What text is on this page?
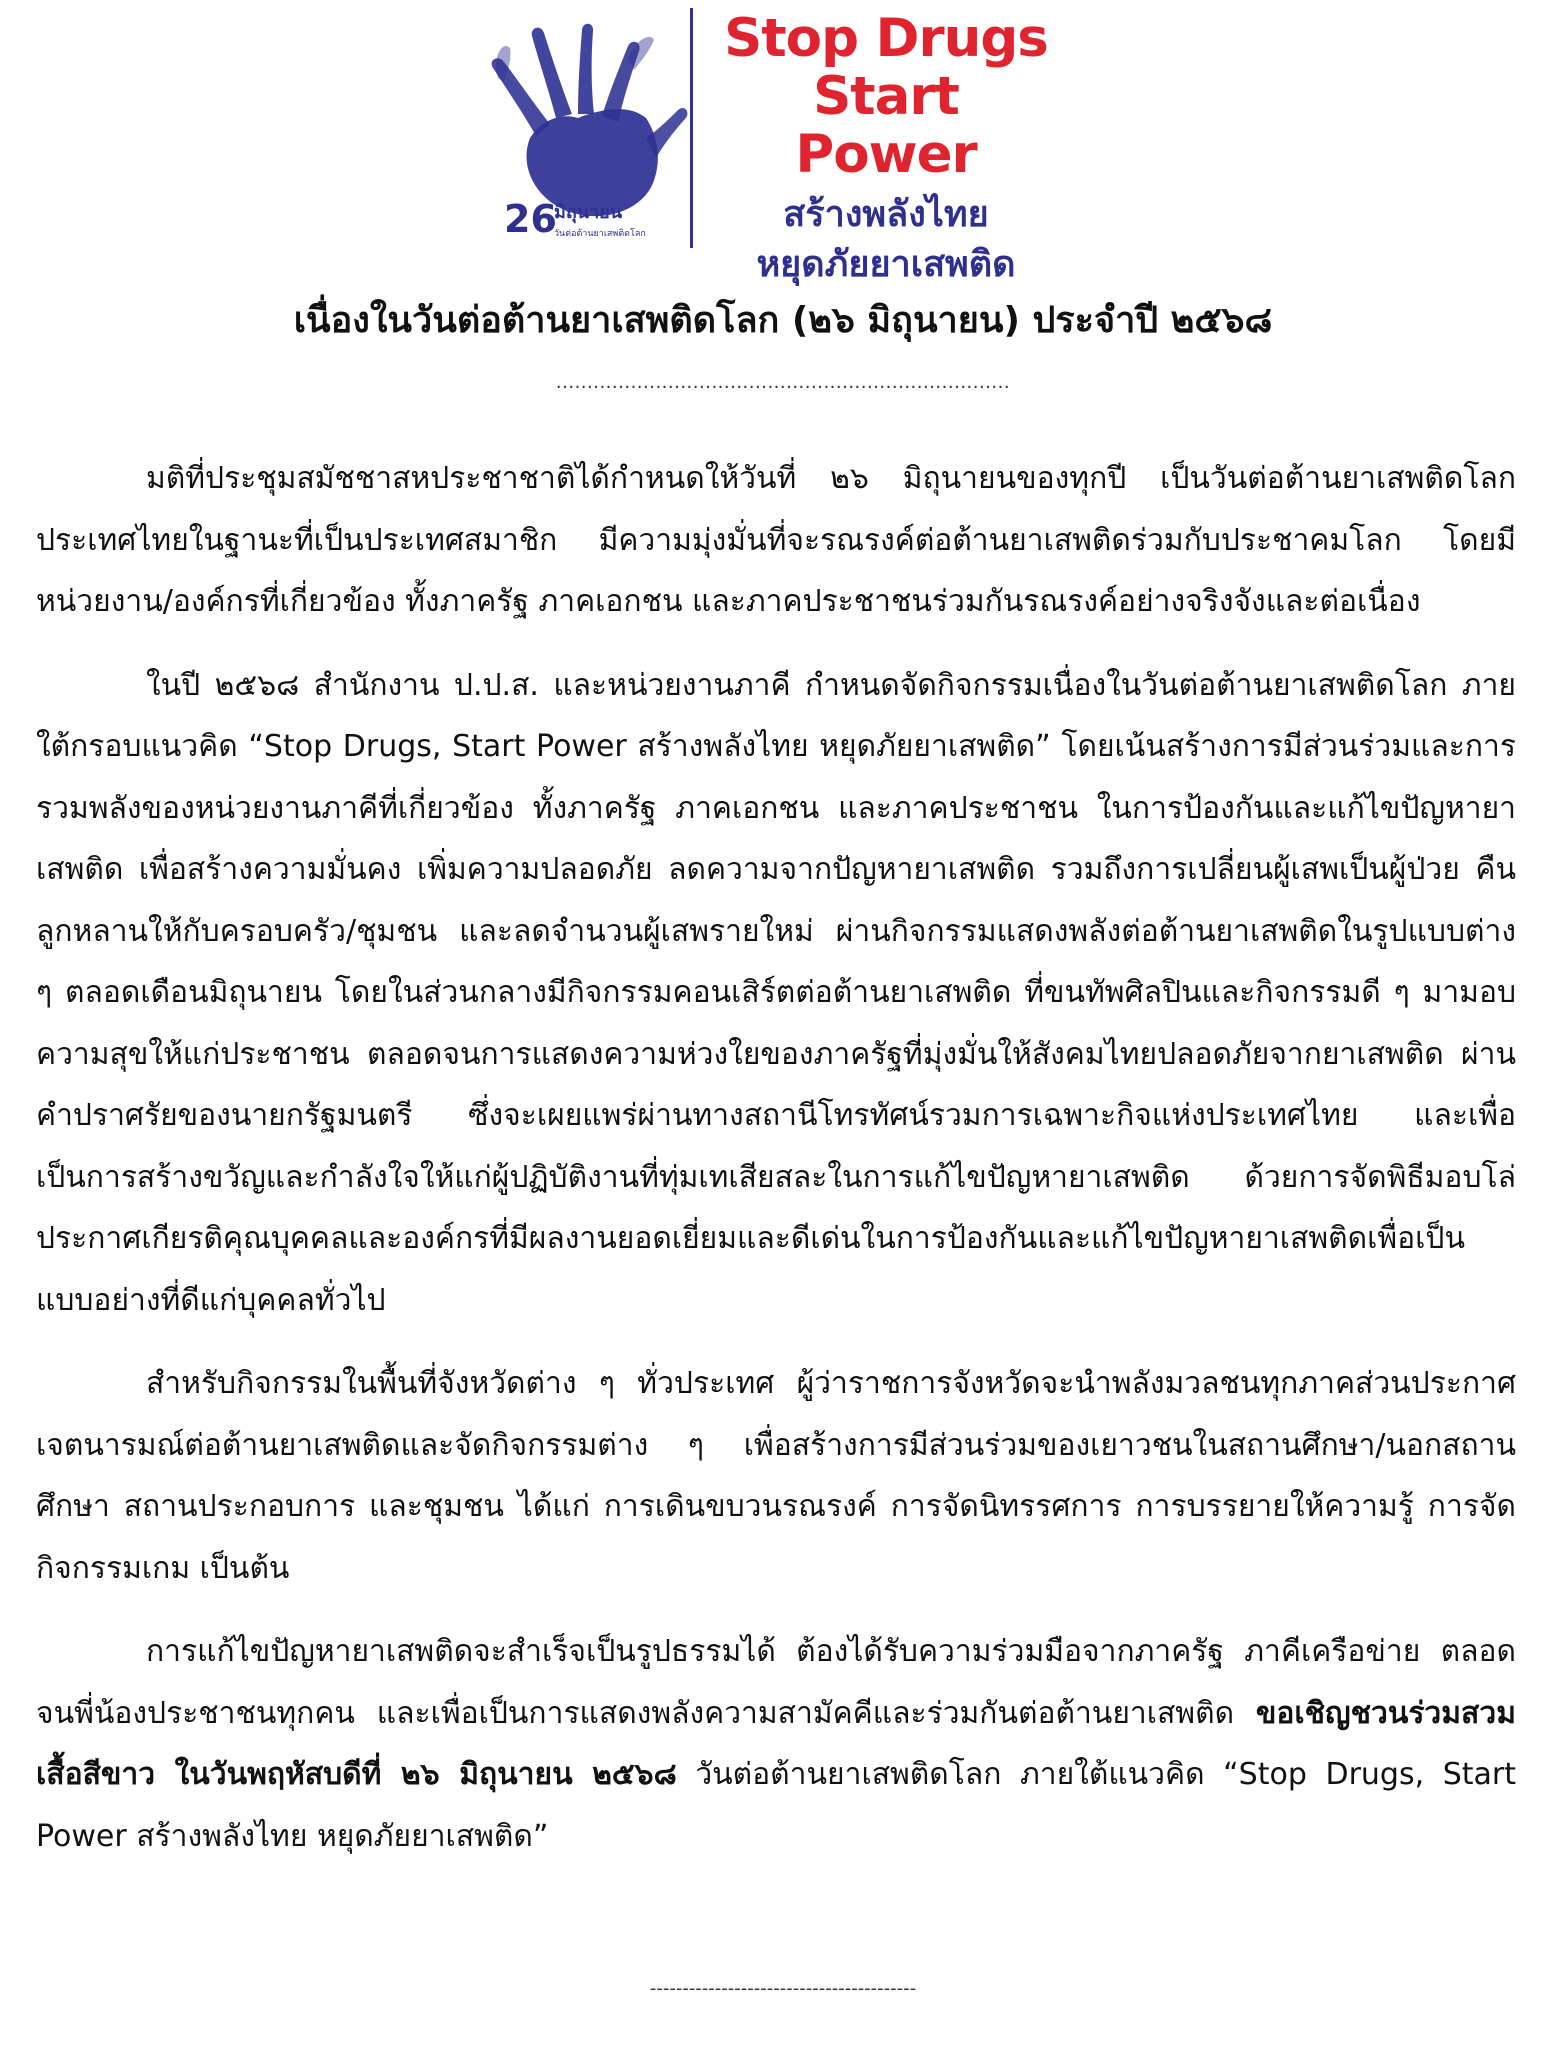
26
มิถุนายน
วันต่อต้านยาเสพติดโลก
Stop Drugs
Start Power
สร้างพลังไทย
หยุดภัยยาเสพติด
เนื่องในวันต่อต้านยาเสพติดโลก (๒๖ มิถุนายน) ประจำปี ๒๕๖๘
.........................................................................

มติที่ประชุมสมัชชาสหประชาชาติได้กำหนดให้วันที่ ๒๖ มิถุนายนของทุกปี เป็นวันต่อต้านยาเสพติดโลก ประเทศไทยในฐานะที่เป็นประเทศสมาชิก มีความมุ่งมั่นที่จะรณรงค์ต่อต้านยาเสพติดร่วมกับประชาคมโลก โดยมีหน่วยงาน/องค์กรที่เกี่ยวข้อง ทั้งภาครัฐ ภาคเอกชน และภาคประชาชนร่วมกันรณรงค์อย่างจริงจังและต่อเนื่อง

ในปี ๒๕๖๘ สำนักงาน ป.ป.ส. และหน่วยงานภาคี กำหนดจัดกิจกรรมเนื่องในวันต่อต้านยาเสพติดโลก ภายใต้กรอบแนวคิด “Stop Drugs, Start Power สร้างพลังไทย หยุดภัยยาเสพติด” โดยเน้นสร้างการมีส่วนร่วมและการรวมพลังของหน่วยงานภาคีที่เกี่ยวข้อง ทั้งภาครัฐ ภาคเอกชน และภาคประชาชน ในการป้องกันและแก้ไขปัญหายาเสพติด เพื่อสร้างความมั่นคง เพิ่มความปลอดภัย ลดความจากปัญหายาเสพติด รวมถึงการเปลี่ยนผู้เสพเป็นผู้ป่วย คืนลูกหลานให้กับครอบครัว/ชุมชน และลดจำนวนผู้เสพรายใหม่ ผ่านกิจกรรมแสดงพลังต่อต้านยาเสพติดในรูปแบบต่าง ๆ ตลอดเดือนมิถุนายน โดยในส่วนกลางมีกิจกรรมคอนเสิร์ตต่อต้านยาเสพติด ที่ขนทัพศิลปินและกิจกรรมดี ๆ มามอบความสุขให้แก่ประชาชน ตลอดจนการแสดงความห่วงใยของภาครัฐที่มุ่งมั่นให้สังคมไทยปลอดภัยจากยาเสพติด ผ่านคำปราศรัยของนายกรัฐมนตรี ซึ่งจะเผยแพร่ผ่านทางสถานีโทรทัศน์รวมการเฉพาะกิจแห่งประเทศไทย และเพื่อเป็นการสร้างขวัญและกำลังใจให้แก่ผู้ปฏิบัติงานที่ทุ่มเทเสียสละในการแก้ไขปัญหายาเสพติด ด้วยการจัดพิธีมอบโล่ประกาศเกียรติคุณบุคคลและองค์กรที่มีผลงานยอดเยี่ยมและดีเด่นในการป้องกันและแก้ไขปัญหายาเสพติดเพื่อเป็นแบบอย่างที่ดีแก่บุคคลทั่วไป

สำหรับกิจกรรมในพื้นที่จังหวัดต่าง ๆ ทั่วประเทศ ผู้ว่าราชการจังหวัดจะนำพลังมวลชนทุกภาคส่วนประกาศเจตนารมณ์ต่อต้านยาเสพติดและจัดกิจกรรมต่าง ๆ เพื่อสร้างการมีส่วนร่วมของเยาวชนในสถานศึกษา/นอกสถานศึกษา สถานประกอบการ และชุมชน ได้แก่ การเดินขบวนรณรงค์ การจัดนิทรรศการ การบรรยายให้ความรู้ การจัดกิจกรรมเกม เป็นต้น

การแก้ไขปัญหายาเสพติดจะสำเร็จเป็นรูปธรรมได้ ต้องได้รับความร่วมมือจากภาครัฐ ภาคีเครือข่าย ตลอดจนพี่น้องประชาชนทุกคน และเพื่อเป็นการแสดงพลังความสามัคคีและร่วมกันต่อต้านยาเสพติด ขอเชิญชวนร่วมสวมเสื้อสีขาว ในวันพฤหัสบดีที่ ๒๖ มิถุนายน ๒๕๖๘ วันต่อต้านยาเสพติดโลก ภายใต้แนวคิด “Stop Drugs, Start Power สร้างพลังไทย หยุดภัยยาเสพติด”

-----------------------------------------
